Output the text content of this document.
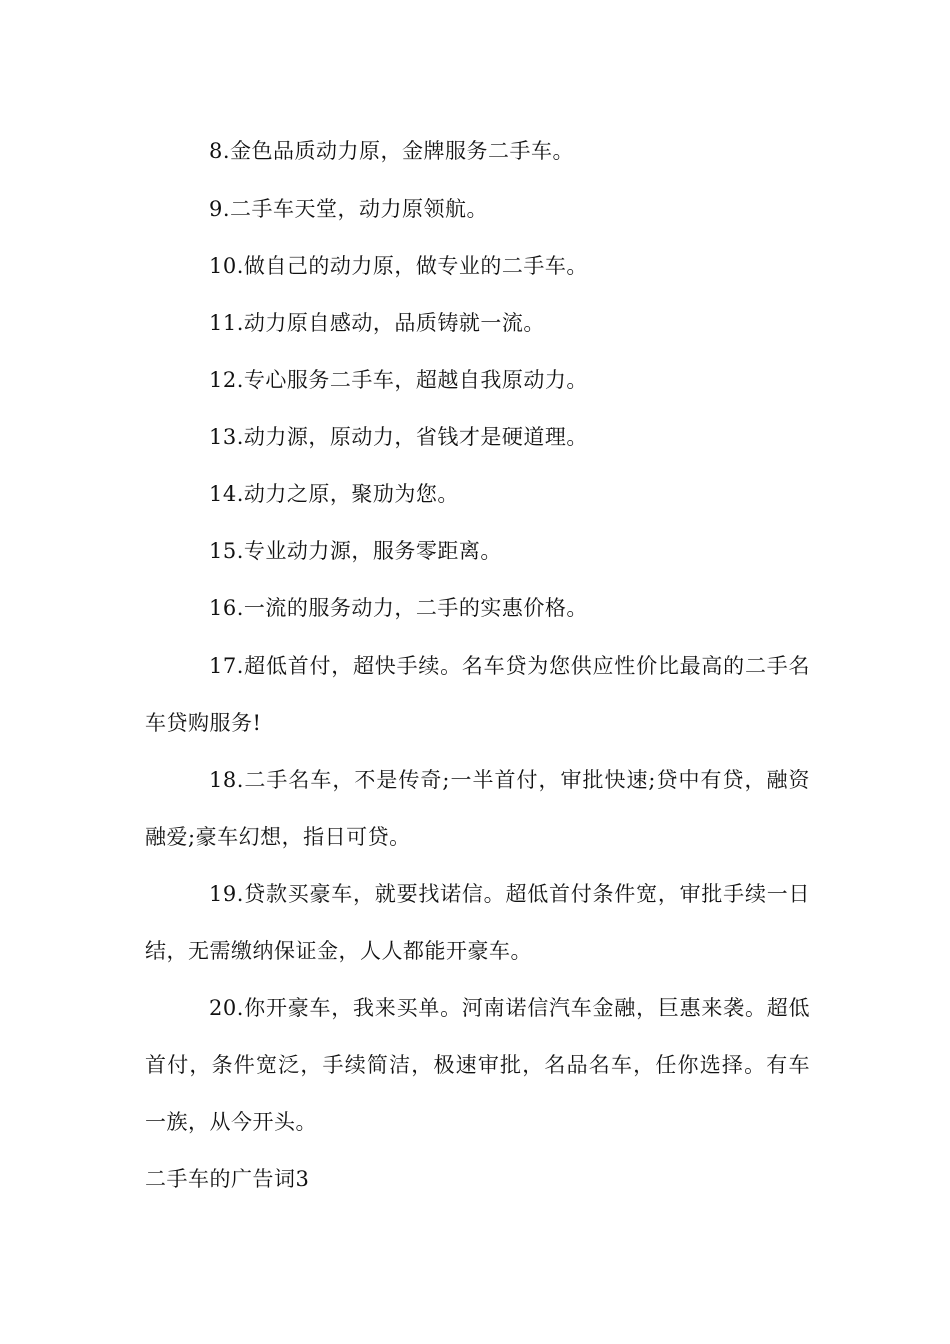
8.金色品质动力原，金牌服务二手车。

9.二手车天堂，动力原领航。

10.做自己的动力原，做专业的二手车。

11.动力原自感动，品质铸就一流。

12.专心服务二手车，超越自我原动力。

13.动力源，原动力，省钱才是硬道理。

14.动力之原，聚劢为您。

15.专业动力源，服务零距离。

16.一流的服务动力，二手的实惠价格。

17.超低首付，超快手续。名车贷为您供应性价比最高的二手名车贷购服务!

18.二手名车，不是传奇;一半首付，审批快速;贷中有贷，融资融爱;豪车幻想，指日可贷。

19.贷款买豪车，就要找诺信。超低首付条件宽，审批手续一日结，无需缴纳保证金，人人都能开豪车。

20.你开豪车，我来买单。河南诺信汽车金融，巨惠来袭。超低首付，条件宽泛，手续简洁，极速审批，名品名车，任你选择。有车一族，从今开头。

二手车的广告词3
